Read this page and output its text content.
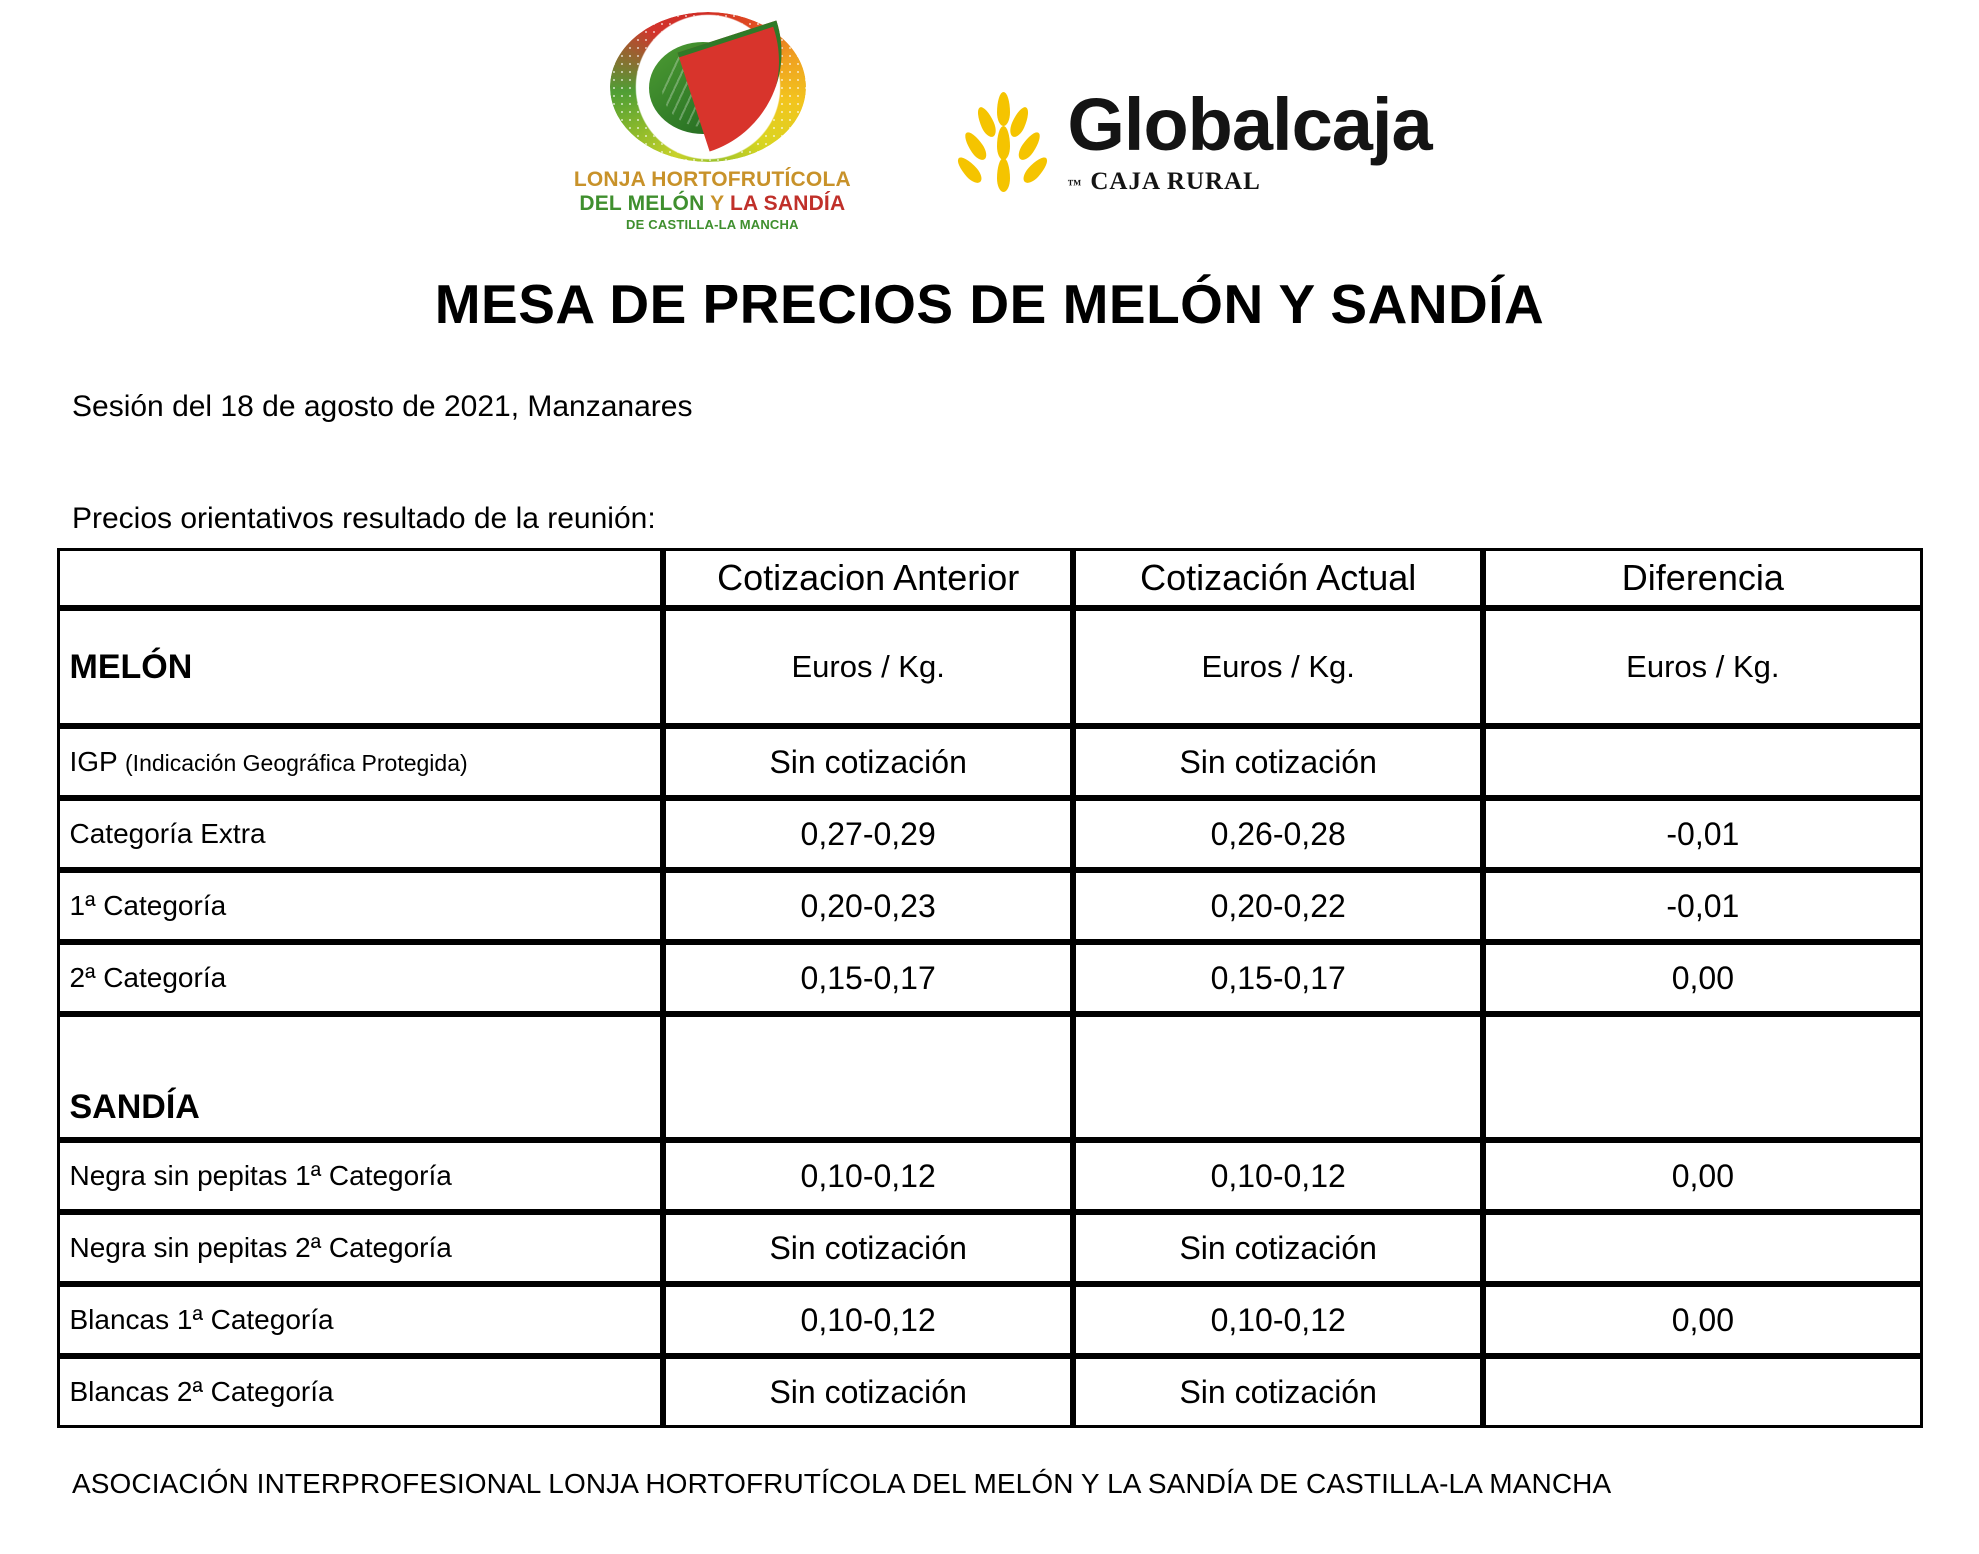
LONJA HORTOFRUTÍCOLA
DEL MELÓN Y LA SANDÍA
DE CASTILLA-LA MANCHA
Globalcaja
™ CAJA RURAL
MESA DE PRECIOS DE MELÓN Y SANDÍA
Sesión del 18 de agosto de 2021, Manzanares
Precios orientativos resultado de la reunión:
	Cotizacion Anterior	Cotización Actual	Diferencia
MELÓN	Euros / Kg.	Euros / Kg.	Euros / Kg.
IGP (Indicación Geográfica Protegida)	Sin cotización	Sin cotización	
Categoría Extra	0,27-0,29	0,26-0,28	-0,01
1ª Categoría	0,20-0,23	0,20-0,22	-0,01
2ª Categoría	0,15-0,17	0,15-0,17	0,00
SANDÍA			
Negra sin pepitas 1ª Categoría	0,10-0,12	0,10-0,12	0,00
Negra sin pepitas 2ª Categoría	Sin cotización	Sin cotización	
Blancas 1ª Categoría	0,10-0,12	0,10-0,12	0,00
Blancas 2ª Categoría	Sin cotización	Sin cotización	
ASOCIACIÓN INTERPROFESIONAL LONJA HORTOFRUTÍCOLA DEL MELÓN Y LA SANDÍA DE CASTILLA-LA MANCHA
